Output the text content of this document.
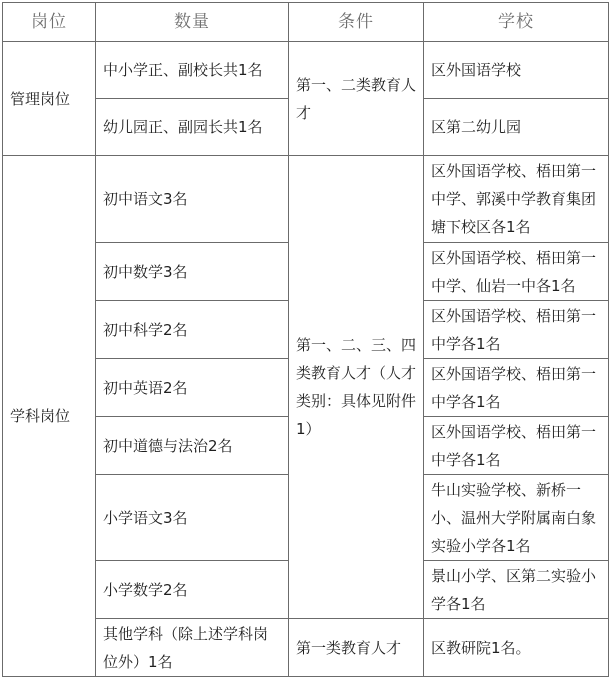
岗位	数量	条件	学校
管理岗位	中小学正、副校长共1名	第一、二类教育人才	区外国语学校
	幼儿园正、副园长共1名		区第二幼儿园
学科岗位	初中语文3名	第一、二、三、四类教育人才（人才类别：具体见附件1）	区外国语学校、梧田第一中学、郭溪中学教育集团塘下校区各1名
	初中数学3名		区外国语学校、梧田第一中学、仙岩一中各1名
	初中科学2名		区外国语学校、梧田第一中学各1名
	初中英语2名		区外国语学校、梧田第一中学各1名
	初中道德与法治2名		区外国语学校、梧田第一中学各1名
	小学语文3名		牛山实验学校、新桥一小、温州大学附属南白象实验小学各1名
	小学数学2名		景山小学、区第二实验小学各1名
	其他学科（除上述学科岗位外）1名	第一类教育人才	区教研院1名。
